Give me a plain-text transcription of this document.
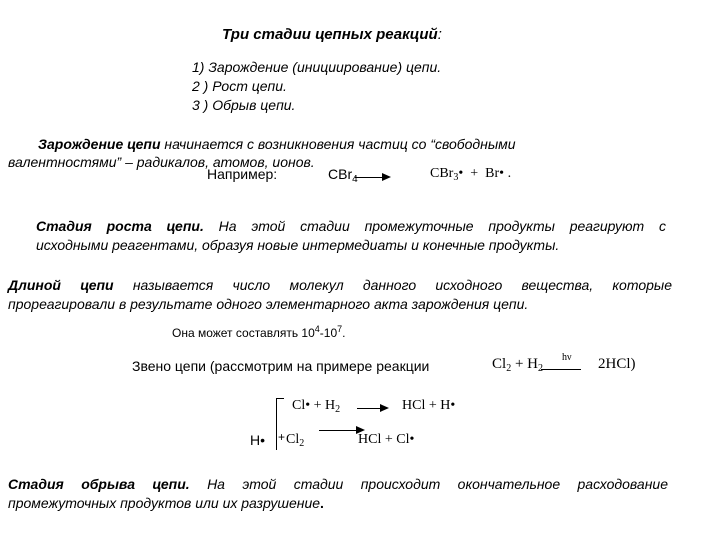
Три стадии цепных реакций:
1) Зарождение (инициирование) цепи.
2 ) Рост цепи.
3 ) Обрыв цепи.
Зарождение цепи начинается с возникновения частиц со “свободными
валентностями” – радикалов, атомов, ионов.
Например:	CBr$_4$	CBr$_3$• + Br• .
Стадия роста цепи. На этой стадии промежуточные продукты реагируют с
исходными реагентами, образуя новые интермедиаты и конечные продукты.
Длиной цепи называется число молекул данного исходного вещества, которые
прореагировали в результате одного элементарного акта зарождения цепи.
Она может составлять $10^4-10^7$.
Звено цепи (рассмотрим на примере реакции	$Cl_2 + H_2$
hν 2HCl)
Cl• + $H_2$	HCl + H•
H• + $Cl_2$	HCl + Cl•
Стадия обрыва цепи. На этой стадии происходит окончательное расходование
промежуточных продуктов или их разрушение.
